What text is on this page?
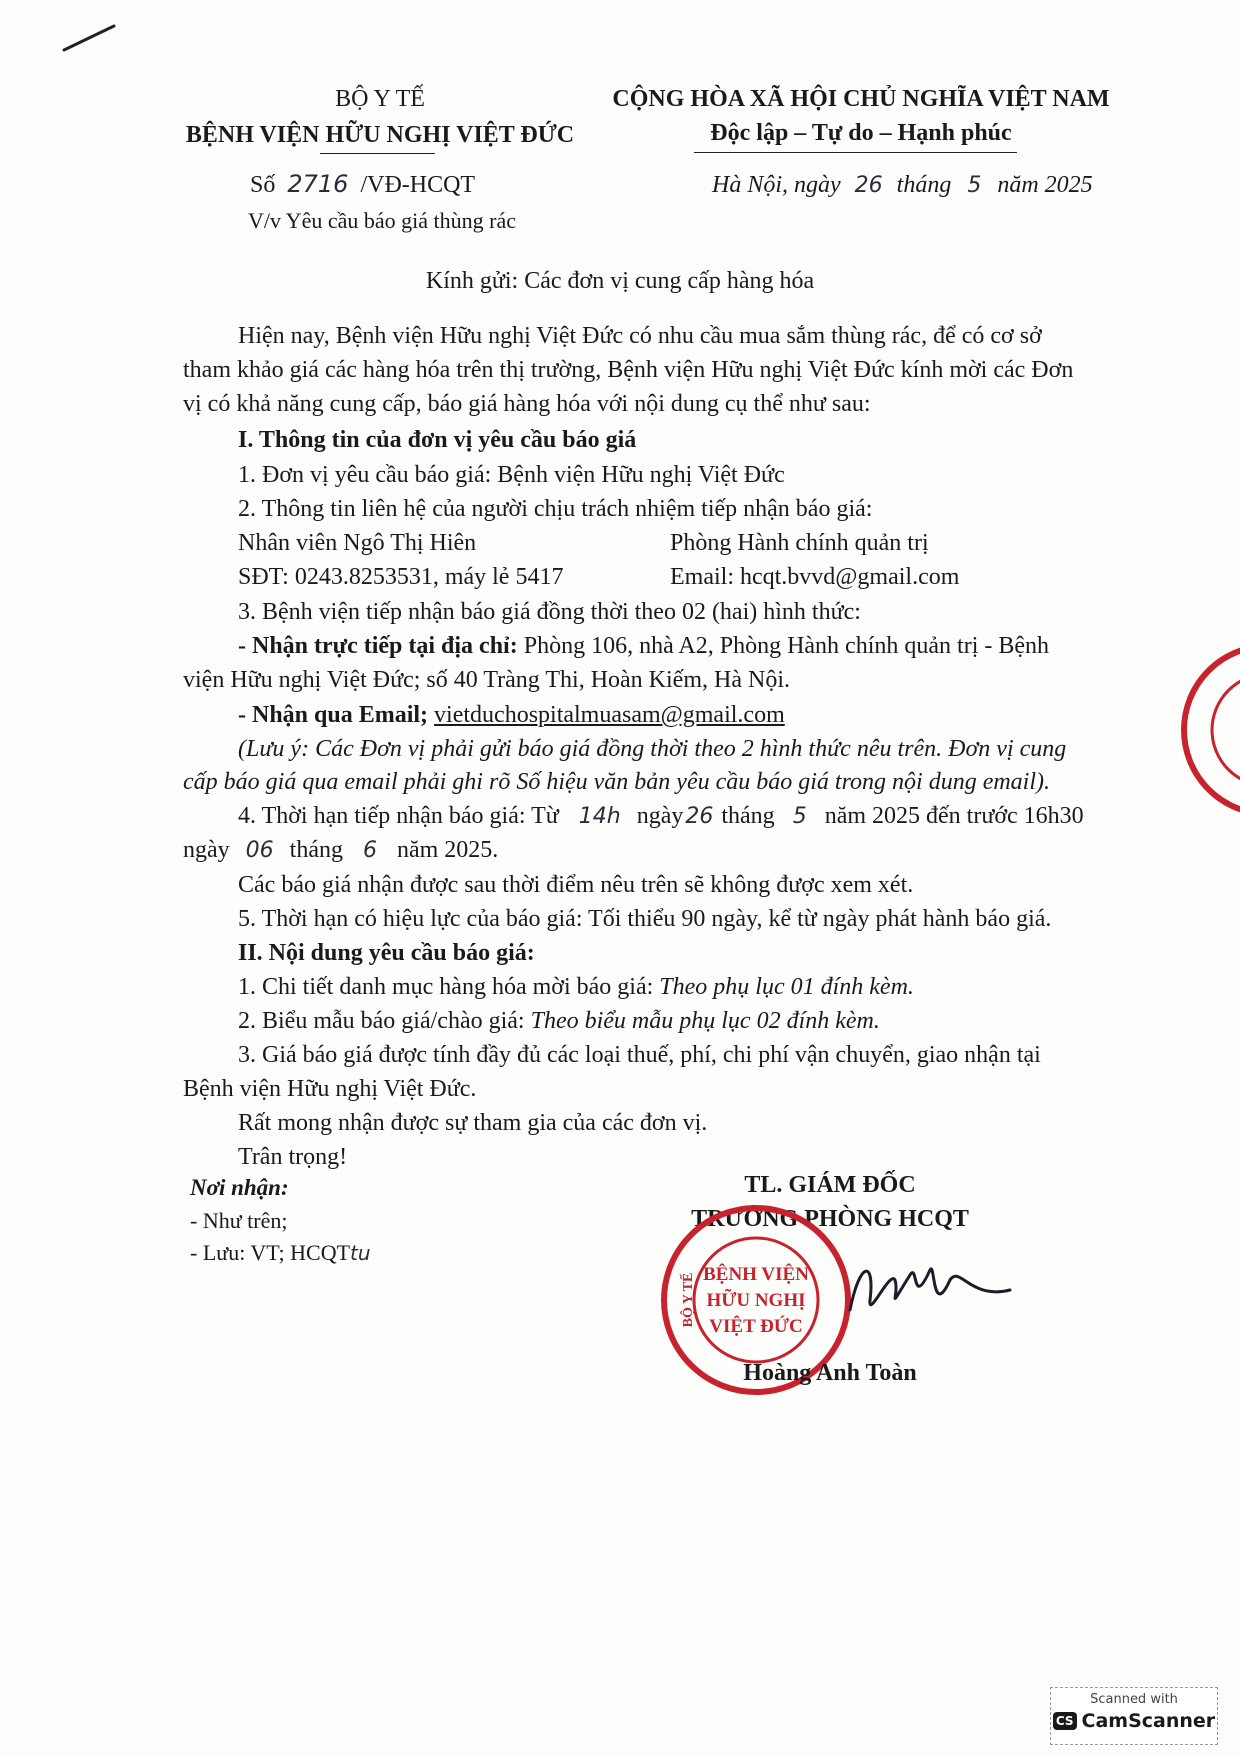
BỘ Y TẾ
BỆNH VIỆN HỮU NGHỊ VIỆT ĐỨC
Số 2716 /VĐ-HCQT
V/v Yêu cầu báo giá thùng rác
CỘNG HÒA XÃ HỘI CHỦ NGHĨA VIỆT NAM
Độc lập – Tự do – Hạnh phúc
Hà Nội, ngày 26 tháng 5 năm 2025
Kính gửi: Các đơn vị cung cấp hàng hóa
Hiện nay, Bệnh viện Hữu nghị Việt Đức có nhu cầu mua sắm thùng rác, để có cơ sở
tham khảo giá các hàng hóa trên thị trường, Bệnh viện Hữu nghị Việt Đức kính mời các Đơn
vị có khả năng cung cấp, báo giá hàng hóa với nội dung cụ thể như sau:
I. Thông tin của đơn vị yêu cầu báo giá
1. Đơn vị yêu cầu báo giá: Bệnh viện Hữu nghị Việt Đức
2. Thông tin liên hệ của người chịu trách nhiệm tiếp nhận báo giá:
Nhân viên Ngô Thị Hiên	Phòng Hành chính quản trị
SĐT: 0243.8253531, máy lẻ 5417	Email: hcqt.bvvd@gmail.com
3. Bệnh viện tiếp nhận báo giá đồng thời theo 02 (hai) hình thức:
- Nhận trực tiếp tại địa chỉ: Phòng 106, nhà A2, Phòng Hành chính quản trị - Bệnh
viện Hữu nghị Việt Đức; số 40 Tràng Thi, Hoàn Kiếm, Hà Nội.
- Nhận qua Email; vietduchospitalmuasam@gmail.com
(Lưu ý: Các Đơn vị phải gửi báo giá đồng thời theo 2 hình thức nêu trên. Đơn vị cung
cấp báo giá qua email phải ghi rõ Số hiệu văn bản yêu cầu báo giá trong nội dung email).
4. Thời hạn tiếp nhận báo giá: Từ 14h ngày26 tháng 5 năm 2025 đến trước 16h30
ngày 06 tháng 6 năm 2025.
Các báo giá nhận được sau thời điểm nêu trên sẽ không được xem xét.
5. Thời hạn có hiệu lực của báo giá: Tối thiểu 90 ngày, kể từ ngày phát hành báo giá.
II. Nội dung yêu cầu báo giá:
1. Chi tiết danh mục hàng hóa mời báo giá: Theo phụ lục 01 đính kèm.
2. Biểu mẫu báo giá/chào giá: Theo biểu mẫu phụ lục 02 đính kèm.
3. Giá báo giá được tính đầy đủ các loại thuế, phí, chi phí vận chuyển, giao nhận tại
Bệnh viện Hữu nghị Việt Đức.
Rất mong nhận được sự tham gia của các đơn vị.
Trân trọng!
Nơi nhận:
- Như trên;
- Lưu: VT; HCQTtu
TL. GIÁM ĐỐC
TRƯỞNG PHÒNG HCQT
BỘ Y TẾ BỆNH VIỆN
HỮU NGHỊ
VIỆT ĐỨC
Hoàng Anh Toàn
Scanned with
CS CamScanner
